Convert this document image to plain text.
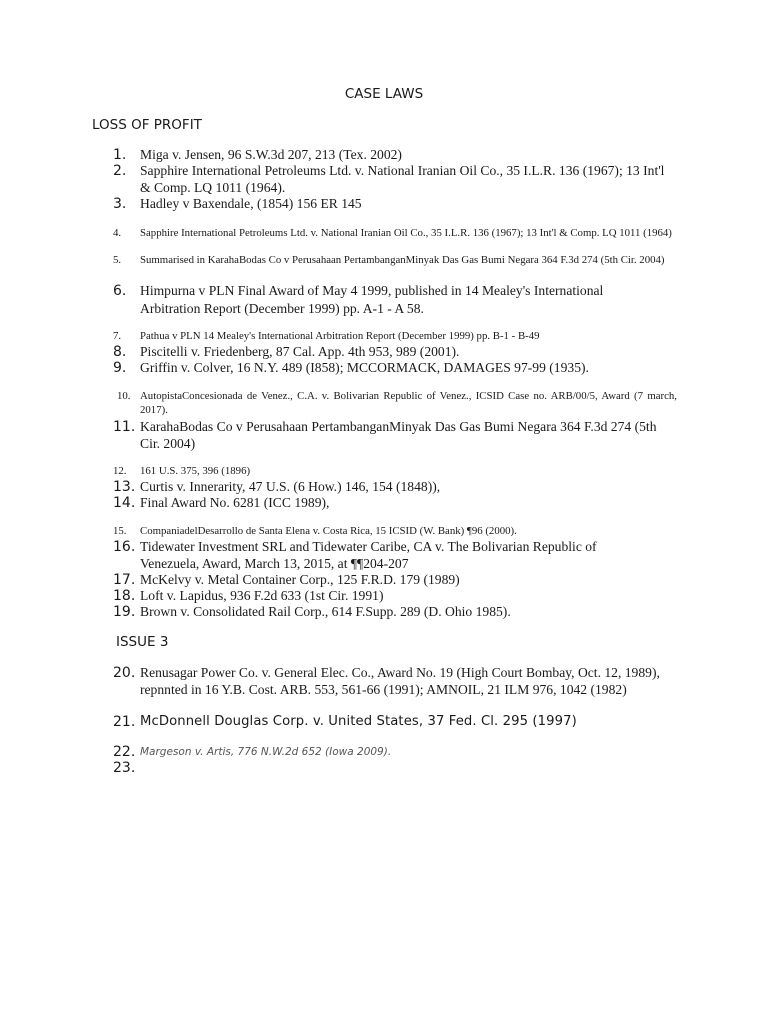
CASE LAWS
LOSS OF PROFIT
1.	Miga v. Jensen, 96 S.W.3d 207, 213 (Tex. 2002)
2.	Sapphire International Petroleums Ltd. v. National Iranian Oil Co., 35 I.L.R. 136 (1967); 13 Int'l & Comp. LQ 1011 (1964).
3.	Hadley v Baxendale, (1854) 156 ER 145
4.	Sapphire International Petroleums Ltd. v. National Iranian Oil Co., 35 I.L.R. 136 (1967); 13 Int'l & Comp. LQ 1011 (1964)
5.	Summarised in KarahaBodas Co v Perusahaan PertambanganMinyak Das Gas Bumi Negara 364 F.3d 274 (5th Cir. 2004)
6.	Himpurna v PLN Final Award of May 4 1999, published in 14 Mealey's International Arbitration Report (December 1999) pp. A-1 - A 58.
7.	Pathua v PLN 14 Mealey's International Arbitration Report (December 1999) pp. B-1 - B-49
8.	Piscitelli v. Friedenberg, 87 Cal. App. 4th 953, 989 (2001).
9.	Griffin v. Colver, 16 N.Y. 489 (I858); MCCORMACK, DAMAGES 97-99 (1935).
10. AutopistaConcesionada de Venez., C.A. v. Bolivarian Republic of Venez., ICSID Case no. ARB/00/5, Award (7 march, 2017).
11. KarahaBodas Co v Perusahaan PertambanganMinyak Das Gas Bumi Negara 364 F.3d 274 (5th Cir. 2004)
12.	161 U.S. 375, 396 (1896)
13. Curtis v. Innerarity, 47 U.S. (6 How.) 146, 154 (1848)),
14. Final Award No. 6281 (ICC 1989),
15.	CompaniadelDesarrollo de Santa Elena v. Costa Rica, 15 ICSID (W. Bank) ¶96 (2000).
16. Tidewater Investment SRL and Tidewater Caribe, CA v. The Bolivarian Republic of Venezuela, Award, March 13, 2015, at ¶¶204-207
17. McKelvy v. Metal Container Corp., 125 F.R.D. 179 (1989)
18. Loft v. Lapidus, 936 F.2d 633 (1st Cir. 1991)
19. Brown v. Consolidated Rail Corp., 614 F.Supp. 289 (D. Ohio 1985).
ISSUE 3
20. Renusagar Power Co. v. General Elec. Co., Award No. 19 (High Court Bombay, Oct. 12, 1989), repnnted in 16 Y.B. Cost. ARB. 553, 561-66 (1991); AMNOIL, 21 ILM 976, 1042 (1982)
21. McDonnell Douglas Corp. v. United States, 37 Fed. Cl. 295 (1997)
22. Margeson v. Artis, 776 N.W.2d 652 (Iowa 2009).
23.
